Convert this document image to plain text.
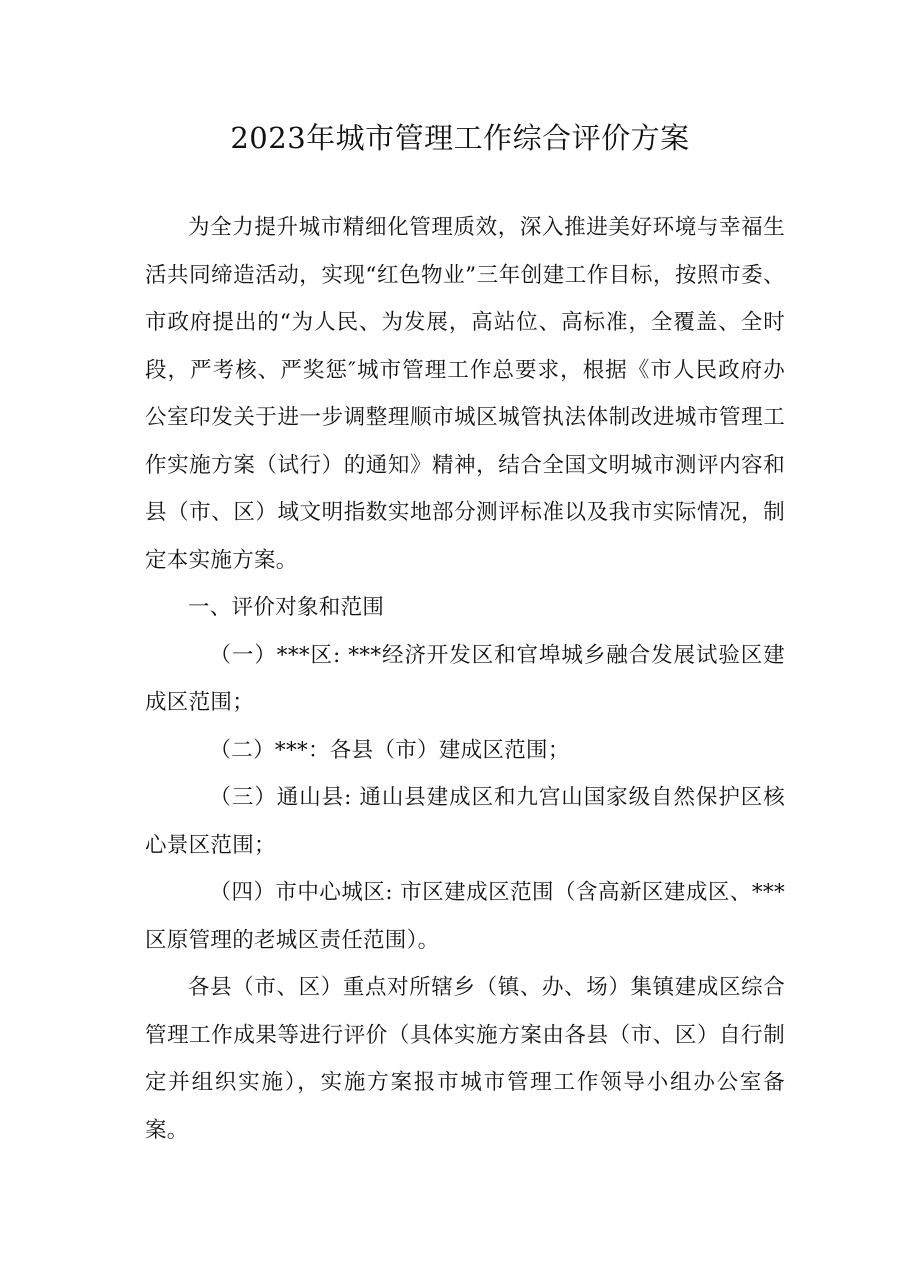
2023年城市管理工作综合评价方案

为全力提升城市精细化管理质效，深入推进美好环境与幸福生活共同缔造活动，实现“红色物业”三年创建工作目标，按照市委、市政府提出的“为人民、为发展，高站位、高标准，全覆盖、全时段，严考核、严奖惩″城市管理工作总要求，根据《市人民政府办公室印发关于进一步调整理顺市城区城管执法体制改进城市管理工作实施方案（试行）的通知》精神，结合全国文明城市测评内容和县（市、区）域文明指数实地部分测评标准以及我市实际情况，制定本实施方案。

一、评价对象和范围

（一）***区: ***经济开发区和官埠城乡融合发展试验区建成区范围；

（二）***：各县（市）建成区范围；

（三）通山县: 通山县建成区和九宫山国家级自然保护区核心景区范围；

（四）市中心城区: 市区建成区范围（含高新区建成区、***区原管理的老城区责任范围）。

各县（市、区）重点对所辖乡（镇、办、场）集镇建成区综合管理工作成果等进行评价（具体实施方案由各县（市、区）自行制定并组织实施），实施方案报市城市管理工作领导小组办公室备案。
